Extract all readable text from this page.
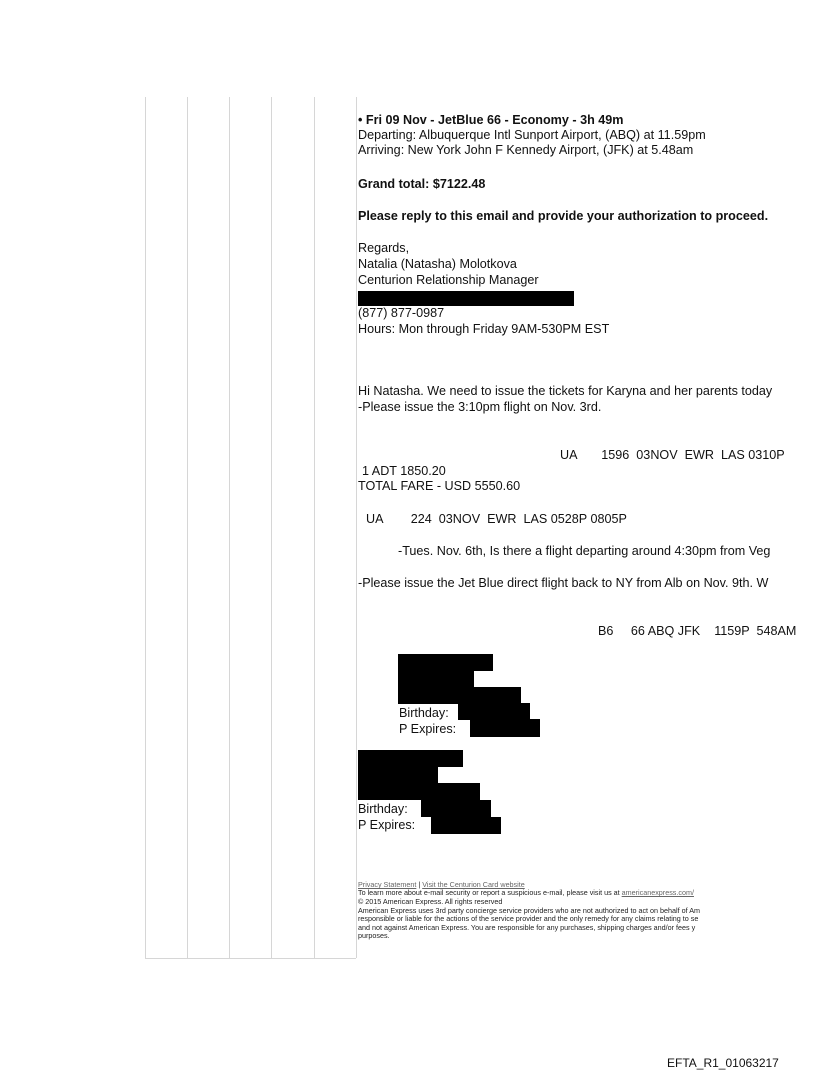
• Fri 09 Nov - JetBlue 66 - Economy - 3h 49m
Departing: Albuquerque Intl Sunport Airport, (ABQ) at 11.59pm
Arriving: New York John F Kennedy Airport, (JFK) at 5.48am
Grand total: $7122.48
Please reply to this email and provide your authorization to proceed.
Regards,
Natalia (Natasha) Molotkova
Centurion Relationship Manager
(877) 877-0987
Hours: Mon through Friday 9AM-530PM EST
Hi Natasha. We need to issue the tickets for Karyna and her parents today
-Please issue the 3:10pm flight on Nov. 3rd.
UA       1596  03NOV  EWR  LAS 0310P
1 ADT 1850.20
TOTAL FARE - USD 5550.60
UA        224  03NOV  EWR  LAS 0528P 0805P
-Tues. Nov. 6th, Is there a flight departing around 4:30pm from Veg
-Please issue the Jet Blue direct flight back to NY from Alb on Nov. 9th. W
B6     66 ABQ JFK    1159P  548AM
Birthday:
P Expires:
Birthday:
P Expires:
Privacy Statement | Visit the Centurion Card website
To learn more about e-mail security or report a suspicious e-mail, please visit us at americanexpress.com/
© 2015 American Express. All rights reserved
American Express uses 3rd party concierge service providers who are not authorized to act on behalf of Am
responsible or liable for the actions of the service provider and the only remedy for any claims relating to se
and not against American Express. You are responsible for any purchases, shipping charges and/or fees y
purposes.
EFTA_R1_01063217
